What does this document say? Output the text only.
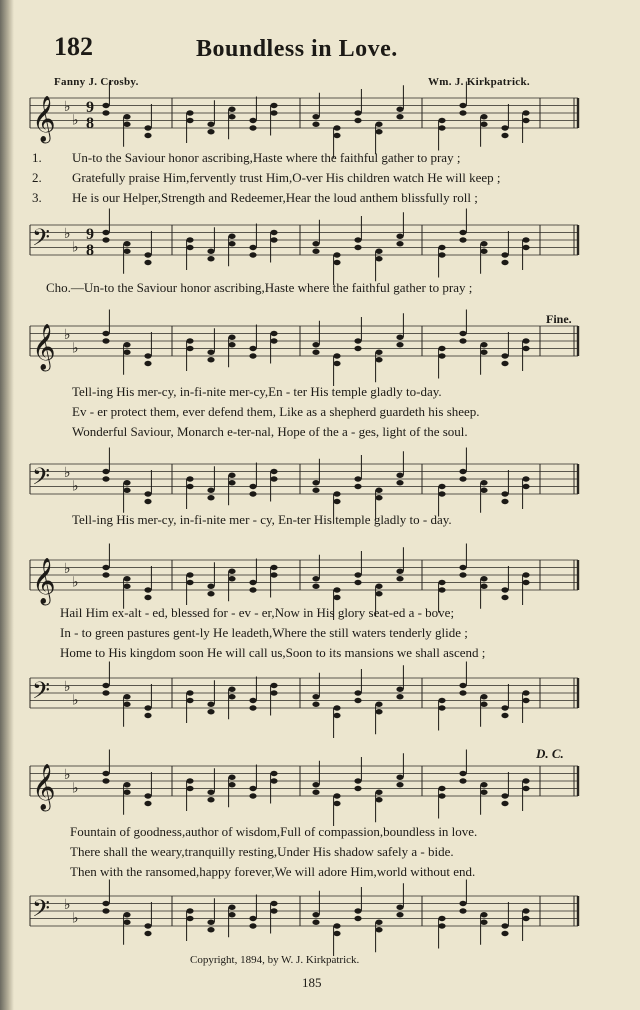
182	Boundless in Love.
Fanny J. Crosby.	Wm. J. Kirkpatrick.
𝄞 ♭
♭
9
8
𝄢 ♭
♭
9
8
1. Un-to the Saviour honor ascribing,Haste where the faithful gather to pray ;
2. Gratefully praise Him,fervently trust Him,O-ver His children watch He will keep ;
3. He is our Helper,Strength and Redeemer,Hear the loud anthem blissfully roll ;
Cho.—Un-to the Saviour honor ascribing,Haste where the faithful gather to pray ;
Fine.
𝄞 ♭
♭
𝄢 ♭
♭
Tell-ing His mer-cy, in-fi-nite mer-cy,En - ter His temple gladly to-day.
Ev - er protect them, ever defend them, Like as a shepherd guardeth his sheep.
Wonderful Saviour, Monarch e-ter-nal, Hope of the a - ges, light of the soul.
Tell-ing His mer-cy, in-fi-nite mer - cy, En-ter His temple gladly to - day.
𝄞 ♭
♭
𝄢 ♭
♭
Hail Him ex-alt - ed, blessed for - ev - er,Now in His glory seat-ed a - bove;
In - to green pastures gent-ly He leadeth,Where the still waters tenderly glide ;
Home to His kingdom soon He will call us,Soon to its mansions we shall ascend ;
D. C.
𝄞 ♭
♭
𝄢 ♭
♭
Fountain of goodness,author of wisdom,Full of compassion,boundless in love.
There shall the weary,tranquilly resting,Under His shadow safely a - bide.
Then with the ransomed,happy forever,We will adore Him,world without end.
Copyright, 1894, by W. J. Kirkpatrick.
185
